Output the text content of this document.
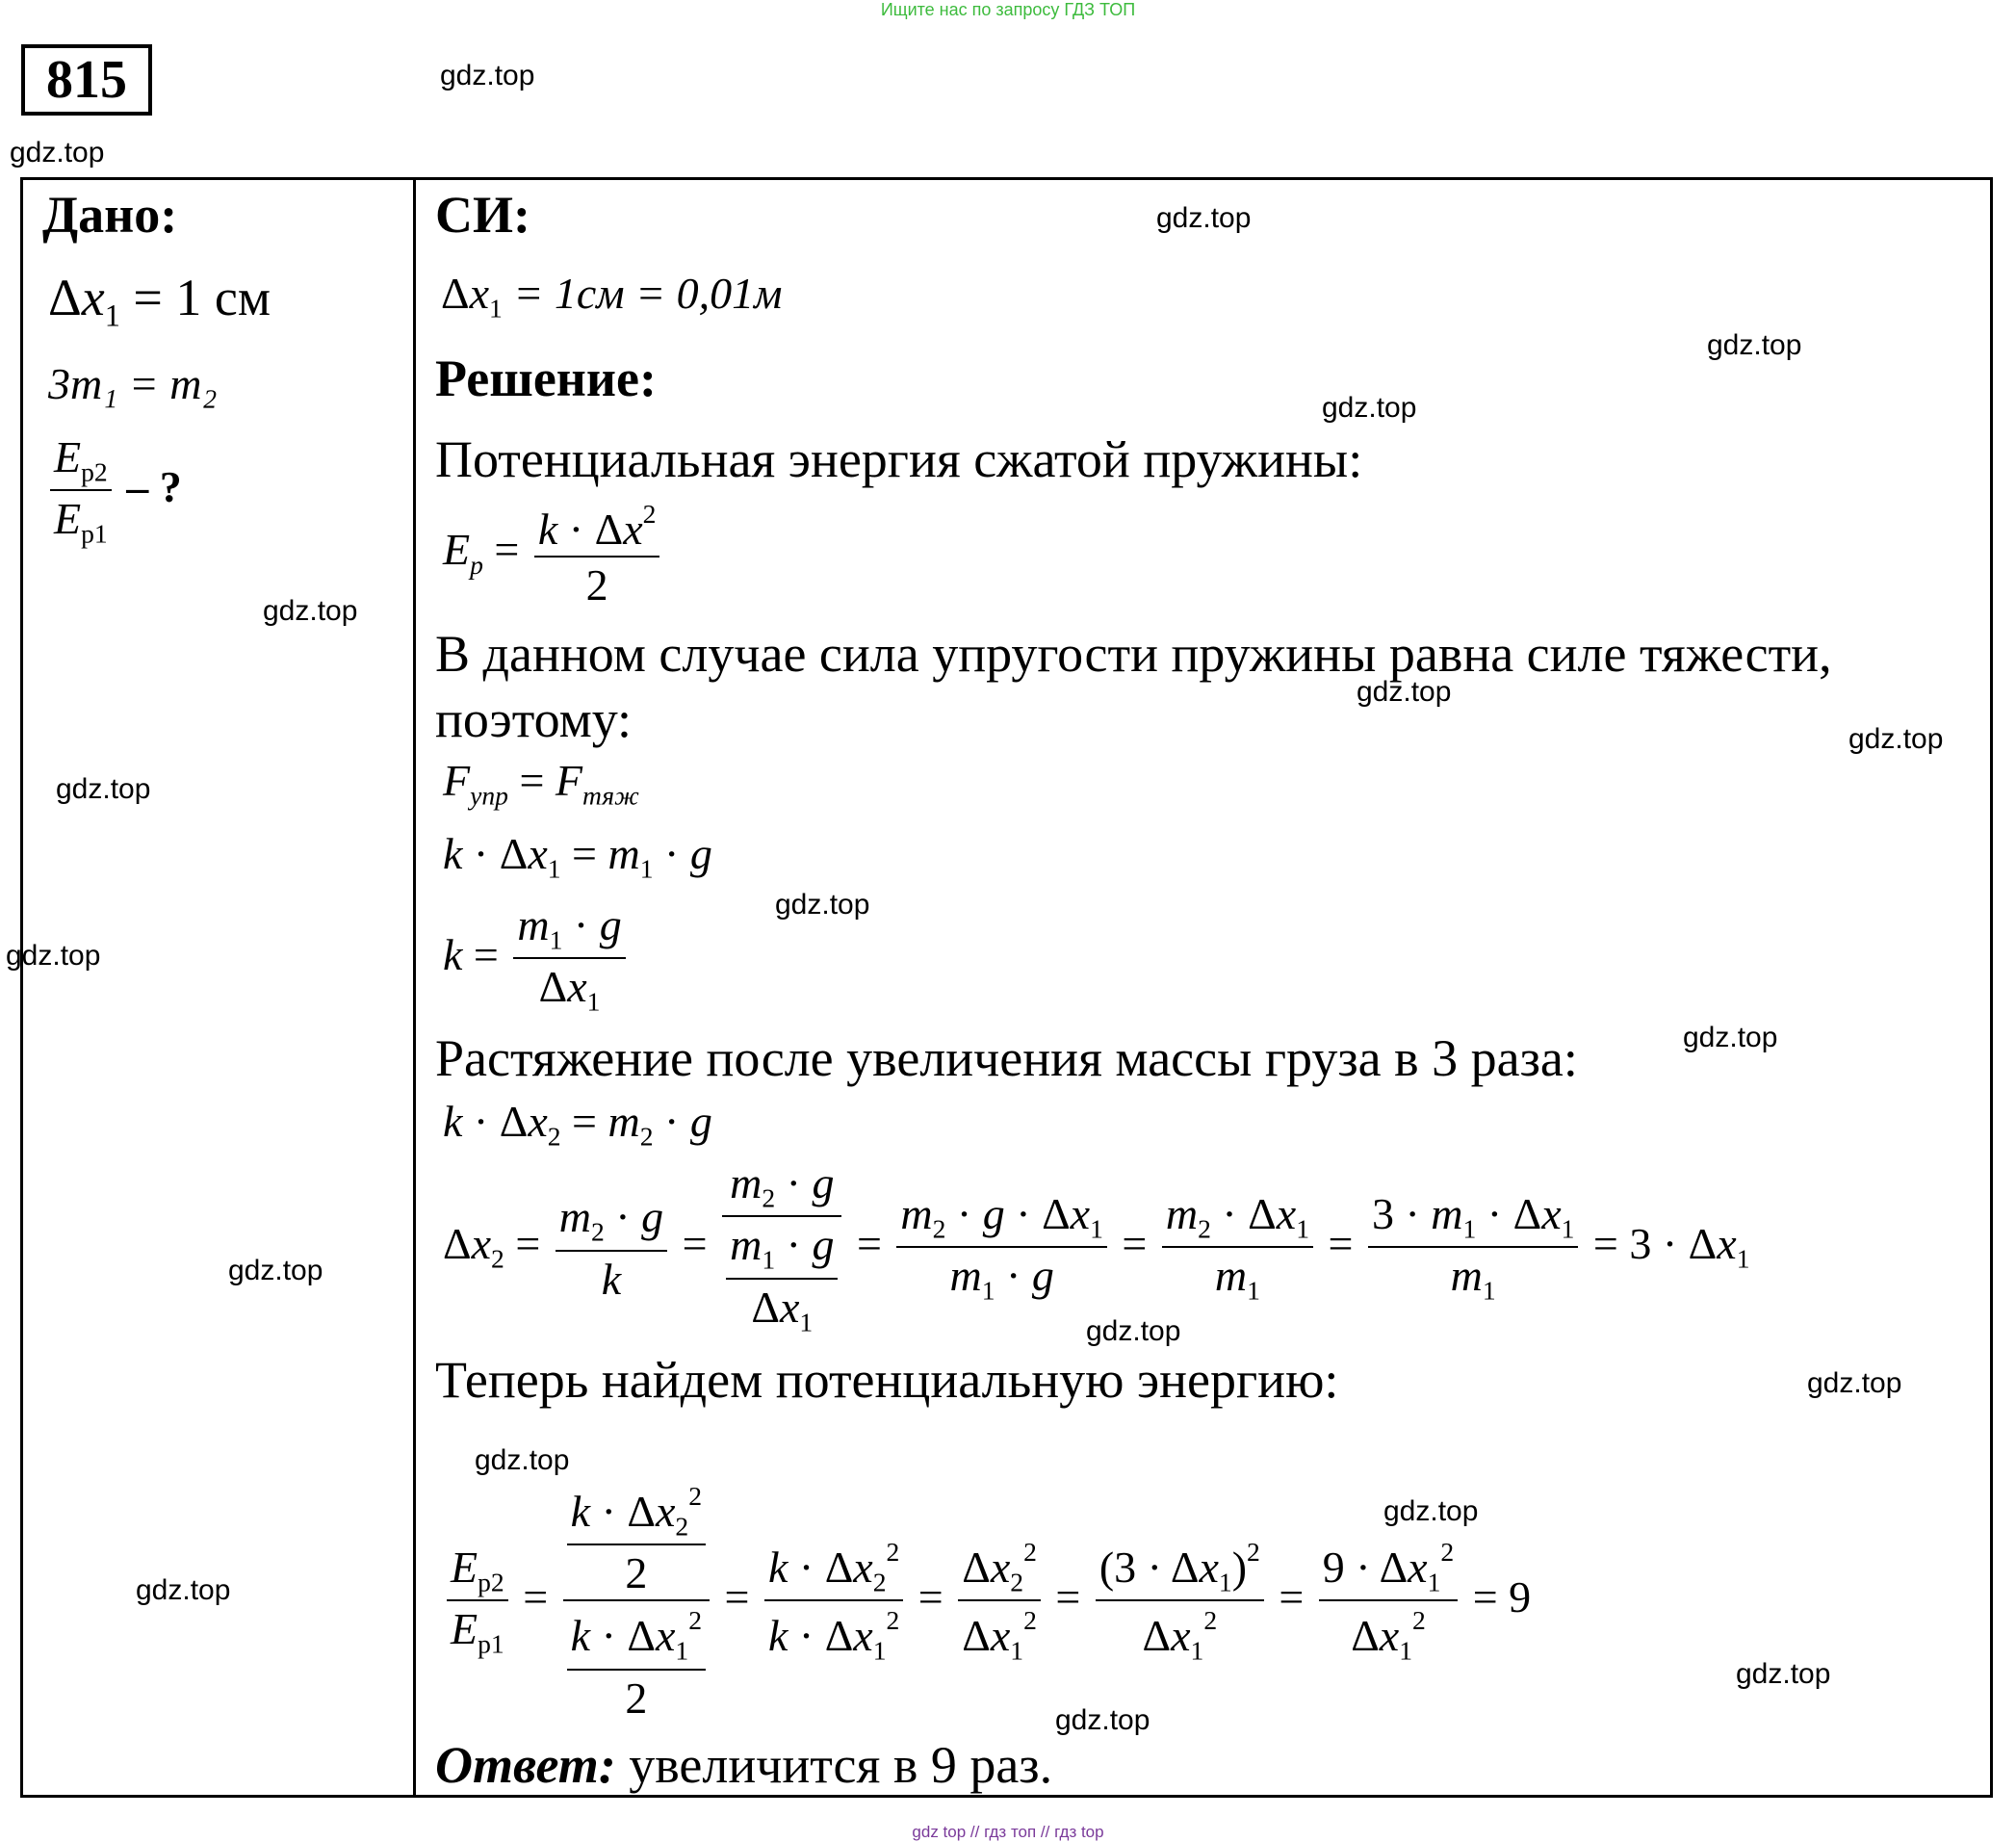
Ищите нас по запросу ГДЗ ТОП
815	gdz.top
gdz.top
gdz.top
gdz.top
gdz.top
gdz.top
gdz.top
gdz.top
gdz.top
gdz.top
gdz.top
gdz.top
gdz.top
gdz.top
gdz.top
gdz.top
gdz.top
gdz.top
gdz.top
gdz.top
Дано:
$\Delta x_1 = 1$ см
3m₁ = m₂
$\frac{E_{p2}}{E_{p1}}$ – ?
СИ:
$\Delta x_1 = 1см = 0,01м$
Решение:
Потенциальная энергия сжатой пружины:
$E_p = \frac{k \cdot \Delta x^2}{2}$
В данном случае сила упругости пружины равна силе тяжести,
поэтому:
$F_{упр} = F_{тяж}$
$k \cdot \Delta x_1 = m_1 \cdot g$
$k = \frac{m_1 \cdot g}{\Delta x_1}$
Растяжение после увеличения массы груза в 3 раза:
$k \cdot \Delta x_2 = m_2 \cdot g$
$\Delta x_2 = \frac{m_2 \cdot g}{k} = \frac{m_2 \cdot g}{\frac{m_1 \cdot g}{\Delta x_1}} = \frac{m_2 \cdot g \cdot \Delta x_1}{m_1 \cdot g} = \frac{m_2 \cdot \Delta x_1}{m_1} = \frac{3 \cdot m_1 \cdot \Delta x_1}{m_1} = 3 \cdot \Delta x_1$
Теперь найдем потенциальную энергию:
$\frac{E_{p2}}{E_{p1}} = \frac{\frac{k \cdot \Delta x_2^2}{2}}{\frac{k \cdot \Delta x_1^2}{2}} = \frac{k \cdot \Delta x_2^2}{k \cdot \Delta x_1^2} = \frac{\Delta x_2^2}{\Delta x_1^2} = \frac{(3 \cdot \Delta x_1)^2}{\Delta x_1^2} = \frac{9 \cdot \Delta x_1^2}{\Delta x_1^2} = 9$
Ответ: увеличится в 9 раз.
gdz top // гдз топ // гдз top
